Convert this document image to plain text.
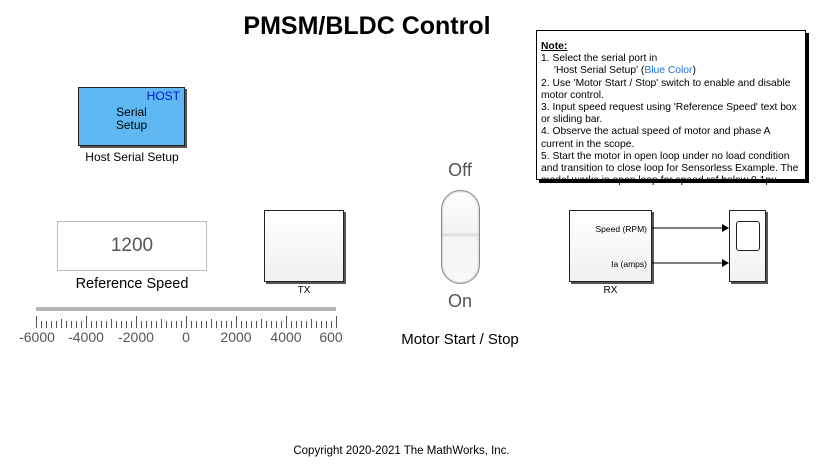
PMSM/BLDC Control
Note:
1. Select the serial port in
'Host Serial Setup' (Blue Color)
2. Use 'Motor Start / Stop' switch to enable and disable motor control.
3. Input speed request using 'Reference Speed' text box or sliding bar.
4. Observe the actual speed of motor and phase A current in the scope.
5. Start the motor in open loop under no load condition and transition to close loop for Sensorless Example. The model works in open loop for speed ref below 0.1pu.
HOST
Serial
Setup
Host Serial Setup
1200
Reference Speed
-6000 -4000 -2000 0 2000 4000 600
TX
Off
On
Motor Start / Stop
Speed (RPM)
Ia (amps)
RX
Copyright 2020-2021 The MathWorks, Inc.
